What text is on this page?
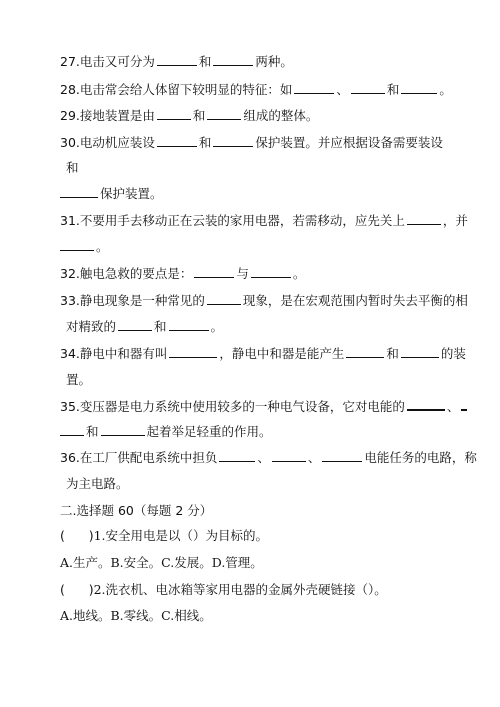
27.电击又可分为	和	两种。
28.电击常会给人体留下较明显的特征：如	、	和	。
29.接地装置是由	和	组成的整体。
30.电动机应装设	和	保护装置。并应根据设备需要装设
和
保护装置。
31.不要用手去移动正在云装的家用电器，若需移动，应先关上	，并
。
32.触电急救的要点是：	与	。
33.静电现象是一种常见的	现象，是在宏观范围内暂时失去平衡的相
对精致的	和	。
34.静电中和器有叫	，静电中和器是能产生	和	的装
置。
35.变压器是电力系统中使用较多的一种电气设备，它对电能的	、
和	起着举足轻重的作用。
36.在工厂供配电系统中担负	、	、	电能任务的电路，称
为主电路。
二.选择题 60（每题 2 分）
(      )1.安全用电是以（）为目标的。
A.生产。B.安全。C.发展。D.管理。
(      )2.洗衣机、电冰箱等家用电器的金属外壳硬链接（）。
A.地线。B.零线。C.相线。
